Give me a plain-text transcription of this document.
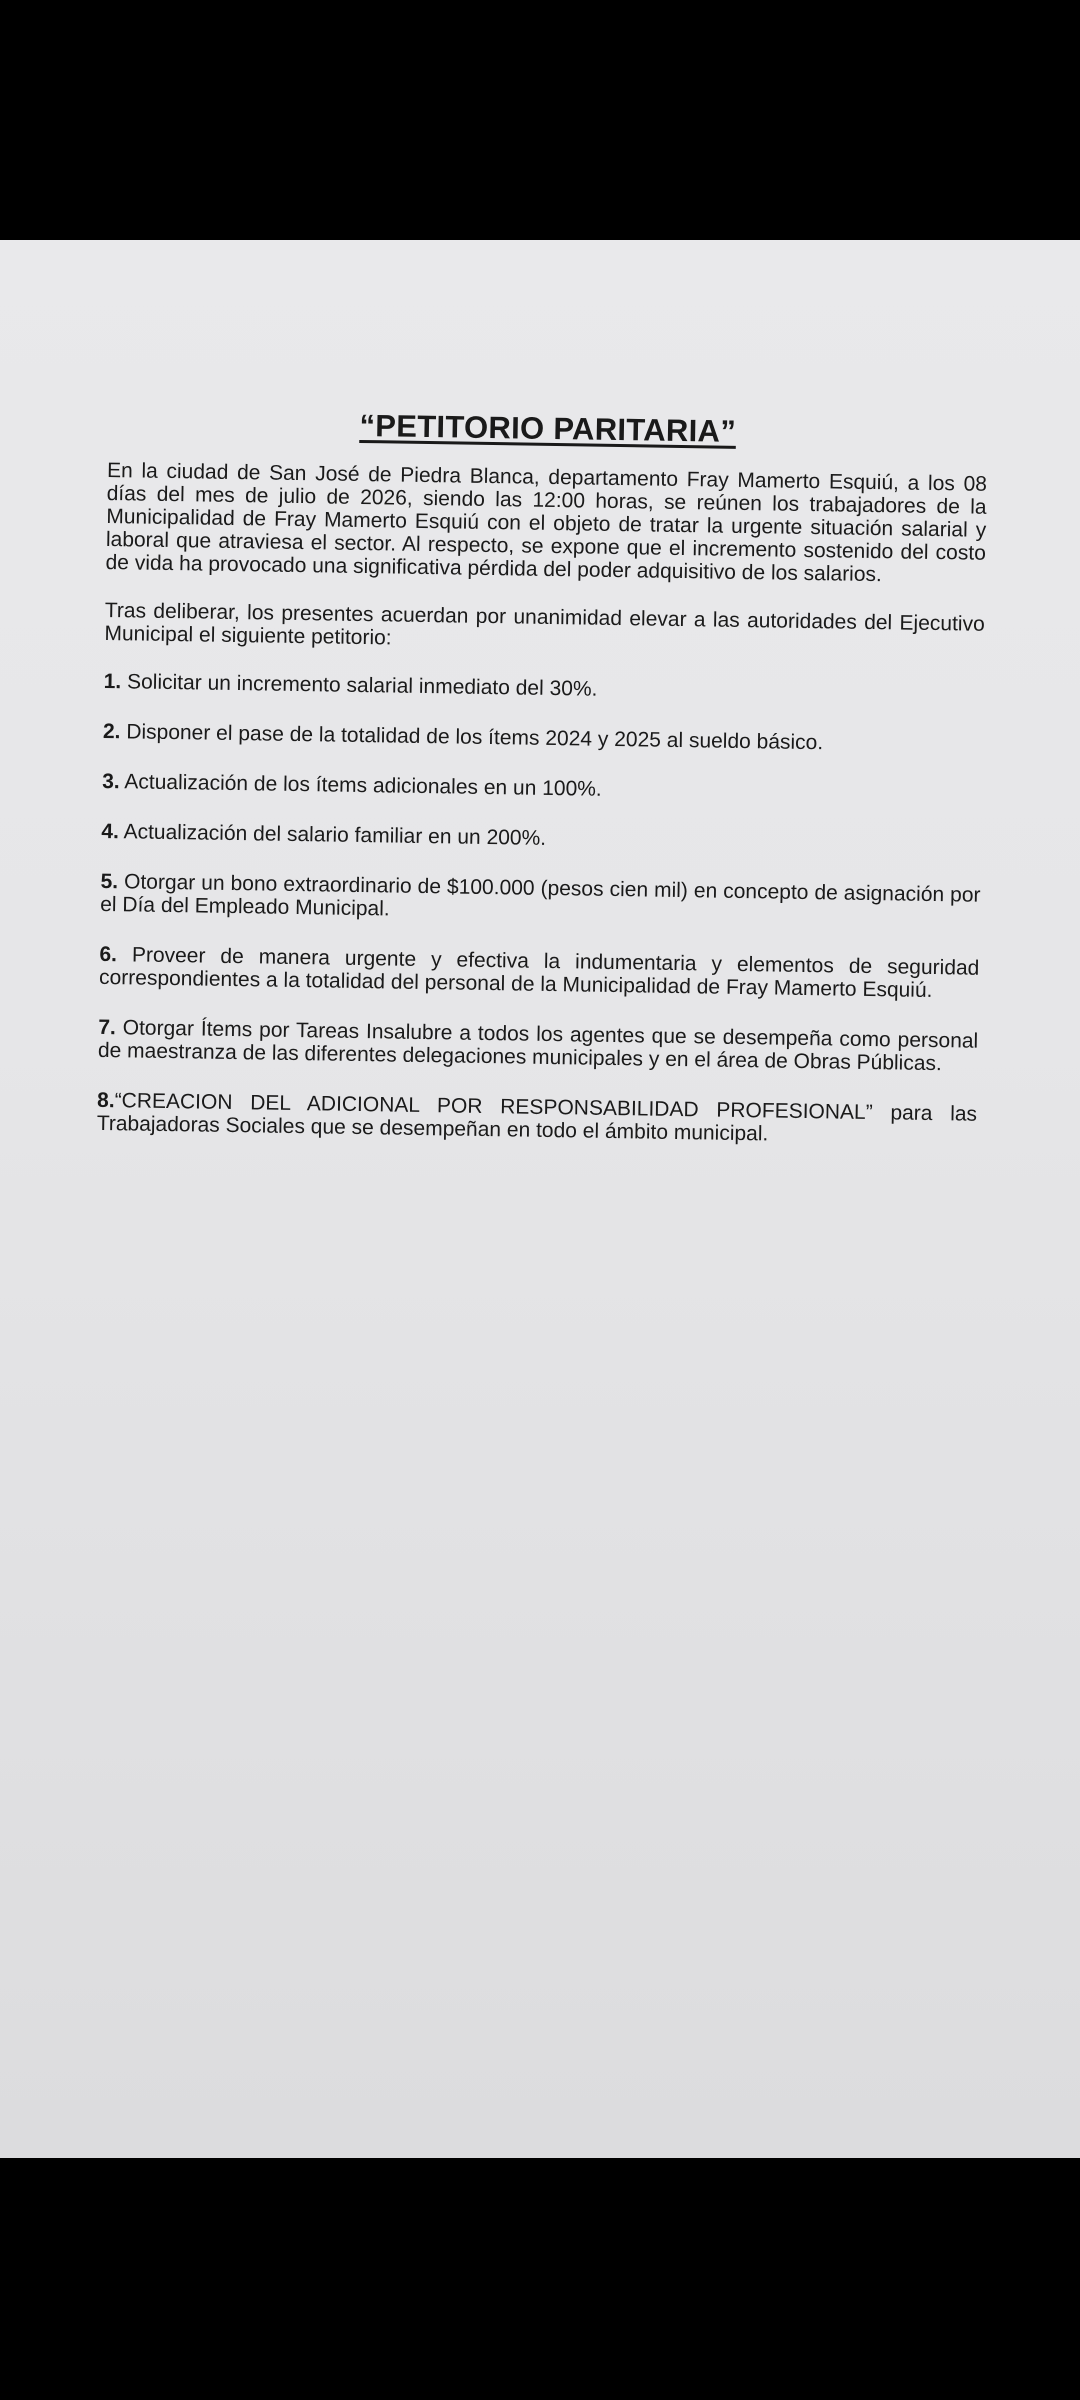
“PETITORIO PARITARIA”

En la ciudad de San José de Piedra Blanca, departamento Fray Mamerto Esquiú, a los 08 días del mes de julio de 2026, siendo las 12:00 horas, se reúnen los trabajadores de la Municipalidad de Fray Mamerto Esquiú con el objeto de tratar la urgente situación salarial y laboral que atraviesa el sector. Al respecto, se expone que el incremento sostenido del costo de vida ha provocado una significativa pérdida del poder adquisitivo de los salarios.

Tras deliberar, los presentes acuerdan por unanimidad elevar a las autoridades del Ejecutivo Municipal el siguiente petitorio:

1. Solicitar un incremento salarial inmediato del 30%.
2. Disponer el pase de la totalidad de los ítems 2024 y 2025 al sueldo básico.
3. Actualización de los ítems adicionales en un 100%.
4. Actualización del salario familiar en un 200%.
5. Otorgar un bono extraordinario de $100.000 (pesos cien mil) en concepto de asignación por el Día del Empleado Municipal.
6. Proveer de manera urgente y efectiva la indumentaria y elementos de seguridad correspondientes a la totalidad del personal de la Municipalidad de Fray Mamerto Esquiú.
7. Otorgar Ítems por Tareas Insalubre a todos los agentes que se desempeña como personal de maestranza de las diferentes delegaciones municipales y en el área de Obras Públicas.
8.“CREACION DEL ADICIONAL POR RESPONSABILIDAD PROFESIONAL” para las Trabajadoras Sociales que se desempeñan en todo el ámbito municipal.
